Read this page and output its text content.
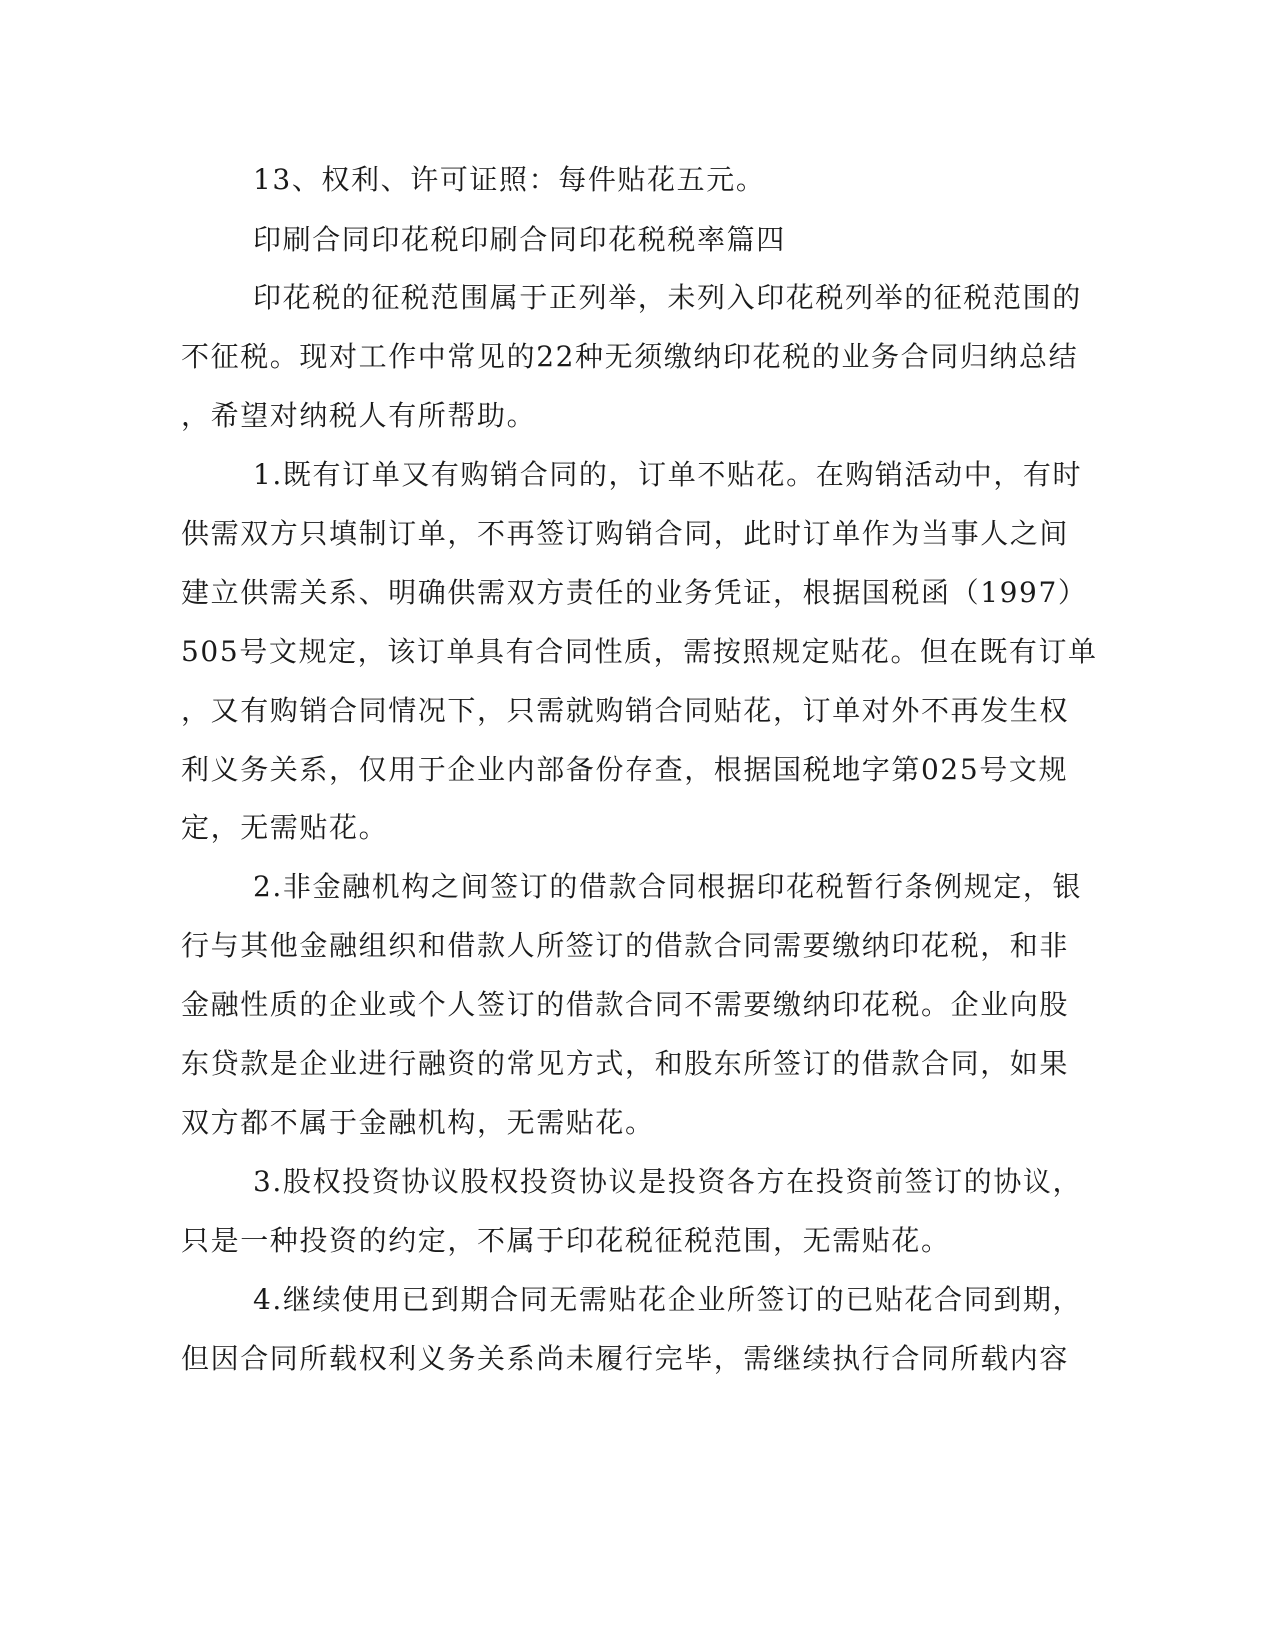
13、权利、许可证照：每件贴花五元。
印刷合同印花税印刷合同印花税税率篇四
印花税的征税范围属于正列举，未列入印花税列举的征税范围的
不征税。现对工作中常见的22种无须缴纳印花税的业务合同归纳总结
，希望对纳税人有所帮助。
1.既有订单又有购销合同的，订单不贴花。在购销活动中，有时
供需双方只填制订单，不再签订购销合同，此时订单作为当事人之间
建立供需关系、明确供需双方责任的业务凭证，根据国税函（1997）
505号文规定，该订单具有合同性质，需按照规定贴花。但在既有订单
，又有购销合同情况下，只需就购销合同贴花，订单对外不再发生权
利义务关系，仅用于企业内部备份存查，根据国税地字第025号文规
定，无需贴花。
2.非金融机构之间签订的借款合同根据印花税暂行条例规定，银
行与其他金融组织和借款人所签订的借款合同需要缴纳印花税，和非
金融性质的企业或个人签订的借款合同不需要缴纳印花税。企业向股
东贷款是企业进行融资的常见方式，和股东所签订的借款合同，如果
双方都不属于金融机构，无需贴花。
3.股权投资协议股权投资协议是投资各方在投资前签订的协议，
只是一种投资的约定，不属于印花税征税范围，无需贴花。
4.继续使用已到期合同无需贴花企业所签订的已贴花合同到期，
但因合同所载权利义务关系尚未履行完毕，需继续执行合同所载内容
